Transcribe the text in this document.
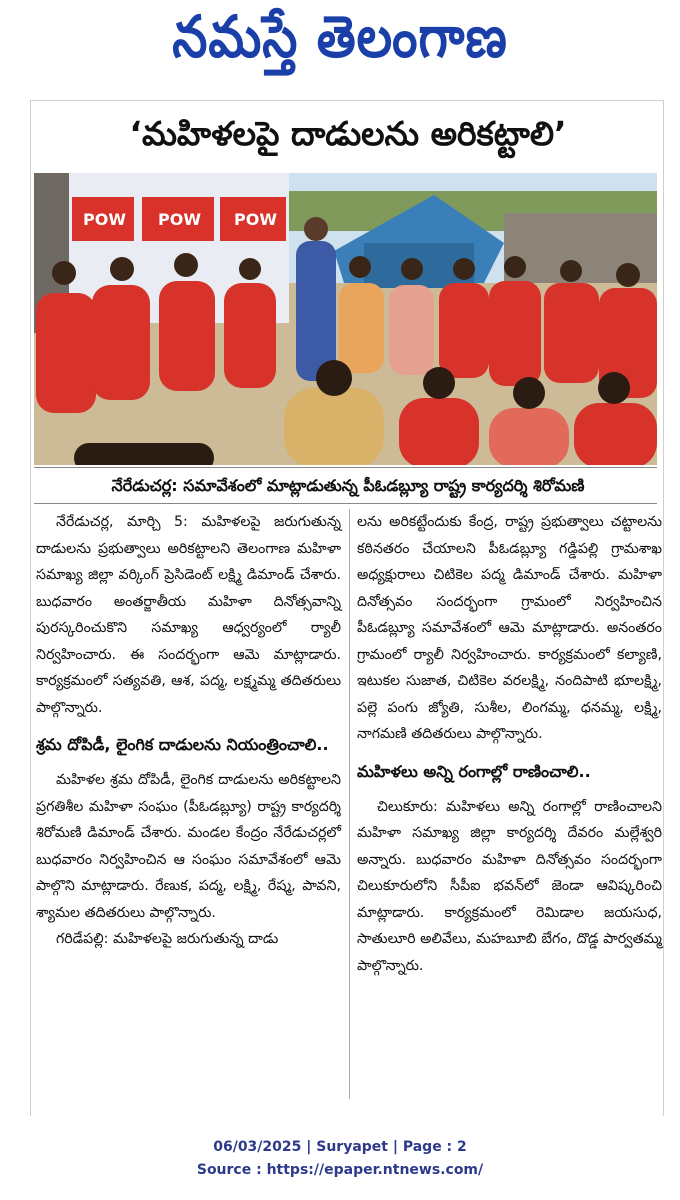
నమస్తే తెలంగాణ
‘మహిళలపై దాడులను అరికట్టాలి’
POW POW POW
నేరేడుచర్ల: సమావేశంలో మాట్లాడుతున్న పీఓడబ్ల్యూ రాష్ట్ర కార్యదర్శి శిరోమణి

నేరేడుచర్ల, మార్చి 5: మహిళలపై జరుగుతున్న దాడులను ప్రభుత్వాలు అరికట్టాలని తెలంగాణ మహిళా సమాఖ్య జిల్లా వర్కింగ్ ప్రెసిడెంట్ లక్ష్మి డిమాండ్ చేశారు. బుధవారం అంతర్జాతీయ మహిళా దినోత్సవాన్ని పురస్కరించుకొని సమాఖ్య ఆధ్వర్యంలో ర్యాలీ నిర్వహించారు. ఈ సందర్భంగా ఆమె మాట్లాడారు. కార్యక్రమంలో సత్యవతి, ఆశ, పద్మ, లక్ష్మమ్మ తదితరులు పాల్గొన్నారు.

శ్రమ దోపిడీ, లైంగిక దాడులను నియంత్రించాలి..

మహిళల శ్రమ దోపిడీ, లైంగిక దాడులను అరికట్టాలని ప్రగతిశీల మహిళా సంఘం (పీఓడబ్ల్యూ) రాష్ట్ర కార్యదర్శి శిరోమణి డిమాండ్ చేశారు. మండల కేంద్రం నేరేడుచర్లలో బుధవారం నిర్వహించిన ఆ సంఘం సమావేశంలో ఆమె పాల్గొని మాట్లాడారు. రేణుక, పద్మ, లక్ష్మి, రేష్మ, పావని, శ్యామల తదితరులు పాల్గొన్నారు.

గరిడేపల్లి: మహిళలపై జరుగుతున్న దాడు

లను అరికట్టేందుకు కేంద్ర, రాష్ట్ర ప్రభుత్వాలు చట్టాలను కఠినతరం చేయాలని పీఓడబ్ల్యూ గడ్డిపల్లి గ్రామశాఖ అధ్యక్షురాలు చిటికెల పద్మ డిమాండ్ చేశారు. మహిళా దినోత్సవం సందర్భంగా గ్రామంలో నిర్వహించిన పీఓడబ్ల్యూ సమావేశంలో ఆమె మాట్లాడారు. అనంతరం గ్రామంలో ర్యాలీ నిర్వహించారు. కార్యక్రమంలో కల్యాణి, ఇటుకల సుజాత, చిటికెల వరలక్ష్మి, నందిపాటి భూలక్ష్మి, పల్లె పంగు జ్యోతి, సుశీల, లింగమ్మ, ధనమ్మ, లక్ష్మి, నాగమణి తదితరులు పాల్గొన్నారు.

మహిళలు అన్ని రంగాల్లో రాణించాలి..

చిలుకూరు: మహిళలు అన్ని రంగాల్లో రాణించాలని మహిళా సమాఖ్య జిల్లా కార్యదర్శి దేవరం మల్లేశ్వరి అన్నారు. బుధవారం మహిళా దినోత్సవం సందర్భంగా చిలుకూరులోని సీపీఐ భవన్‌లో జెండా ఆవిష్కరించి మాట్లాడారు. కార్యక్రమంలో రెమిడాల జయసుధ, సాతులూరి అలివేలు, మహబూబి బేగం, దొడ్డ పార్వతమ్మ పాల్గొన్నారు.

06/03/2025 | Suryapet | Page : 2
Source : https://epaper.ntnews.com/
